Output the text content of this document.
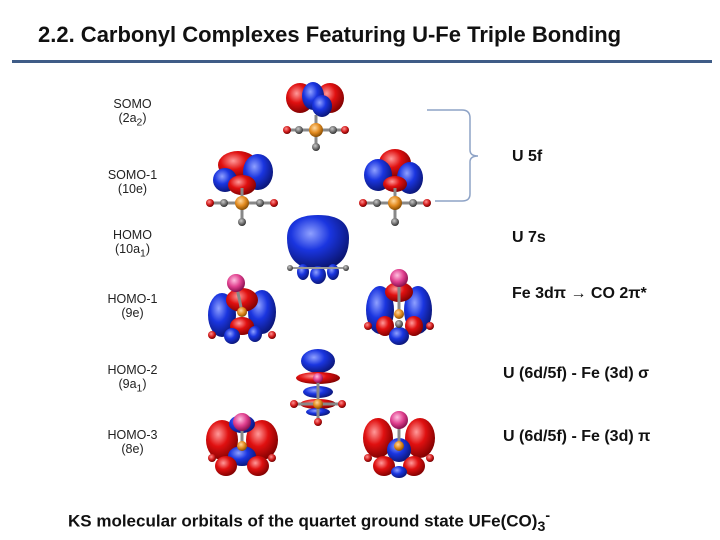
2.2. Carbonyl Complexes Featuring U-Fe Triple Bonding
SOMO
$(2a_2)$
SOMO-1
(10e)
HOMO
$(10a_1)$
HOMO-1
(9e)
HOMO-2
$(9a_1)$
HOMO-3
(8e)
U 5f
U 7s
Fe 3dπ → CO 2π*
U (6d/5f) - Fe (3d) σ
U (6d/5f) - Fe (3d) π
KS molecular orbitals of the quartet ground state $UFe(CO)_3^-$
